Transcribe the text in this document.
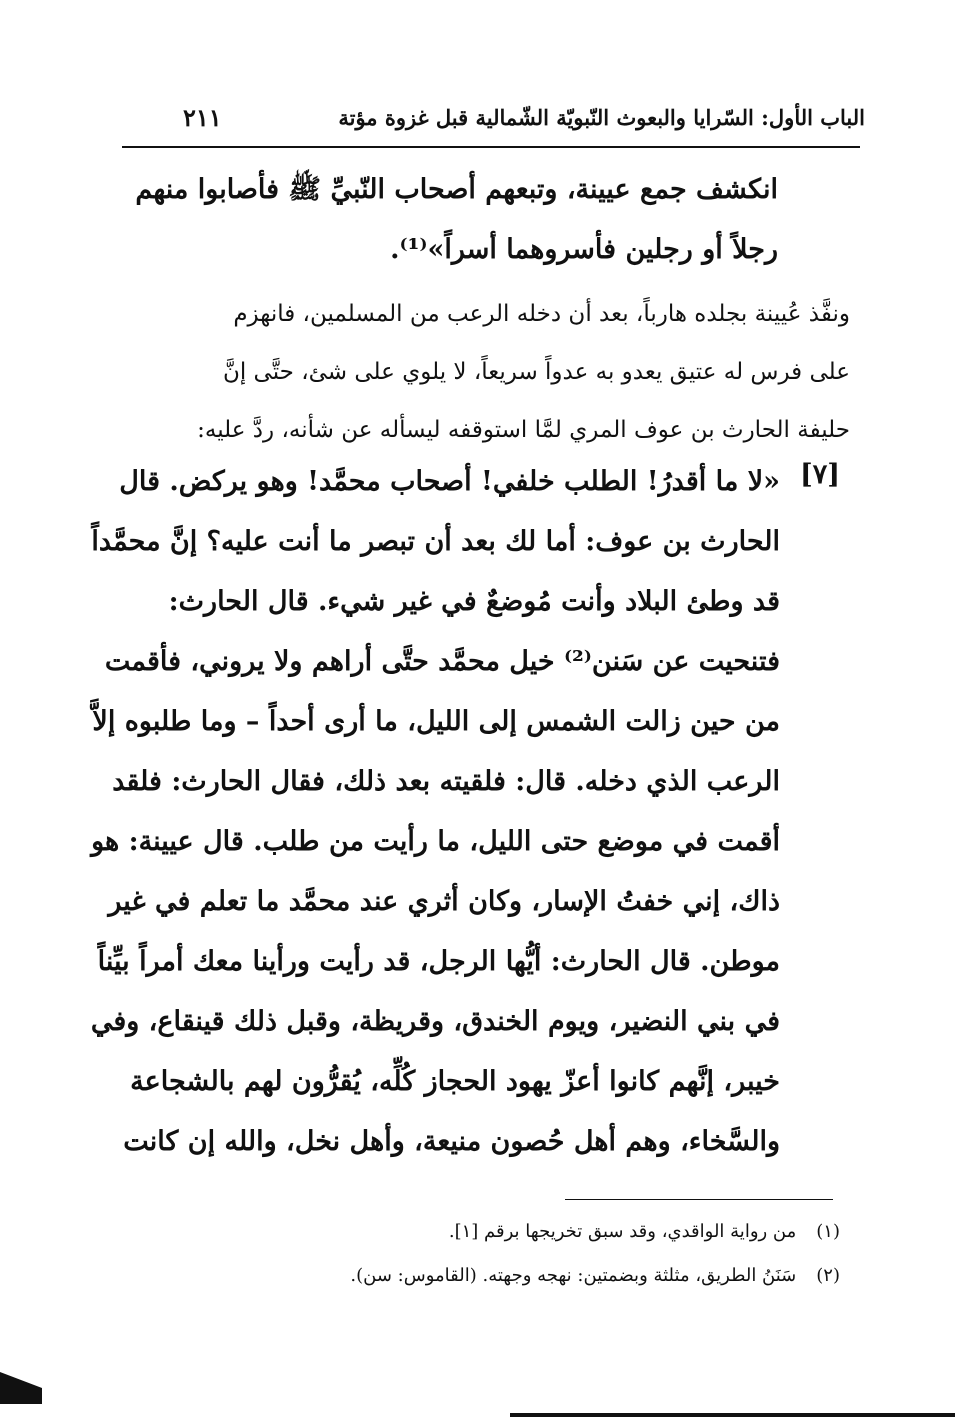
الباب الأول: السّرايا والبعوث النّبويّة الشّمالية قبل غزوة مؤتة
٢١١
انكشف جمع عيينة، وتبعهم أصحاب النّبيِّ ﷺ فأصابوا منهم
رجلاً أو رجلين فأسروهما أسراً»⁽¹⁾.
ونفَّذ عُيينة بجلده هارباً، بعد أن دخله الرعب من المسلمين، فانهزم
على فرس له عتيق يعدو به عدواً سريعاً، لا يلوي على شئ، حتَّى إنَّ
حليفة الحارث بن عوف المري لمَّا استوقفه ليسأله عن شأنه، ردَّ عليه:
[٧]
«لا ما أقدرُ! الطلب خلفي! أصحاب محمَّد! وهو يركض. قال
الحارث بن عوف: أما لك بعد أن تبصر ما أنت عليه؟ إنَّ محمَّداً
قد وطئ البلاد وأنت مُوضعٌ في غير شيء. قال الحارث:
فتنحيت عن سَنن⁽²⁾ خيل محمَّد حتَّى أراهم ولا يروني، فأقمت
من حين زالت الشمس إلى الليل، ما أرى أحداً – وما طلبوه إلاَّ
الرعب الذي دخله. قال: فلقيته بعد ذلك، فقال الحارث: فلقد
أقمت في موضع حتى الليل، ما رأيت من طلب. قال عيينة: هو
ذاك، إني خفتُ الإسار، وكان أثري عند محمَّد ما تعلم في غير
موطن. قال الحارث: أيُّها الرجل، قد رأيت ورأينا معك أمراً بيِّناً
في بني النضير، ويوم الخندق، وقريظة، وقبل ذلك قينقاع، وفي
خيبر، إنَّهم كانوا أعزّ يهود الحجاز كُلِّه، يُقرُّون لهم بالشجاعة
والسَّخاء، وهم أهل حُصون منيعة، وأهل نخل، والله إن كانت
(١) من رواية الواقدي، وقد سبق تخريجها برقم [١].
(٢) سَنَنُ الطريق، مثلثة وبضمتين: نهجه وجهته. (القاموس: سن).
